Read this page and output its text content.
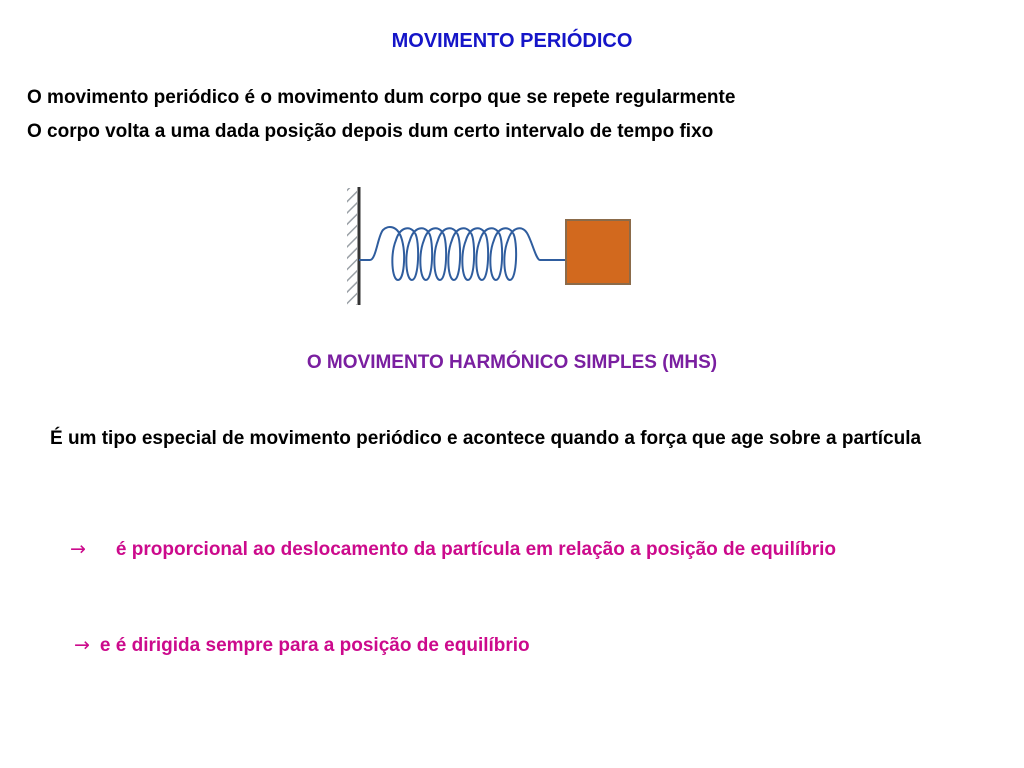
MOVIMENTO PERIÓDICO

O movimento periódico é o movimento dum corpo que se repete regularmente

O corpo volta a uma dada posição depois dum certo intervalo de tempo fixo

O MOVIMENTO HARMÓNICO SIMPLES (MHS)

É um tipo especial de movimento periódico e acontece quando a força que age sobre a partícula

→ é proporcional ao deslocamento da partícula em relação a posição de equilíbrio

→ e é dirigida sempre para a posição de equilíbrio
